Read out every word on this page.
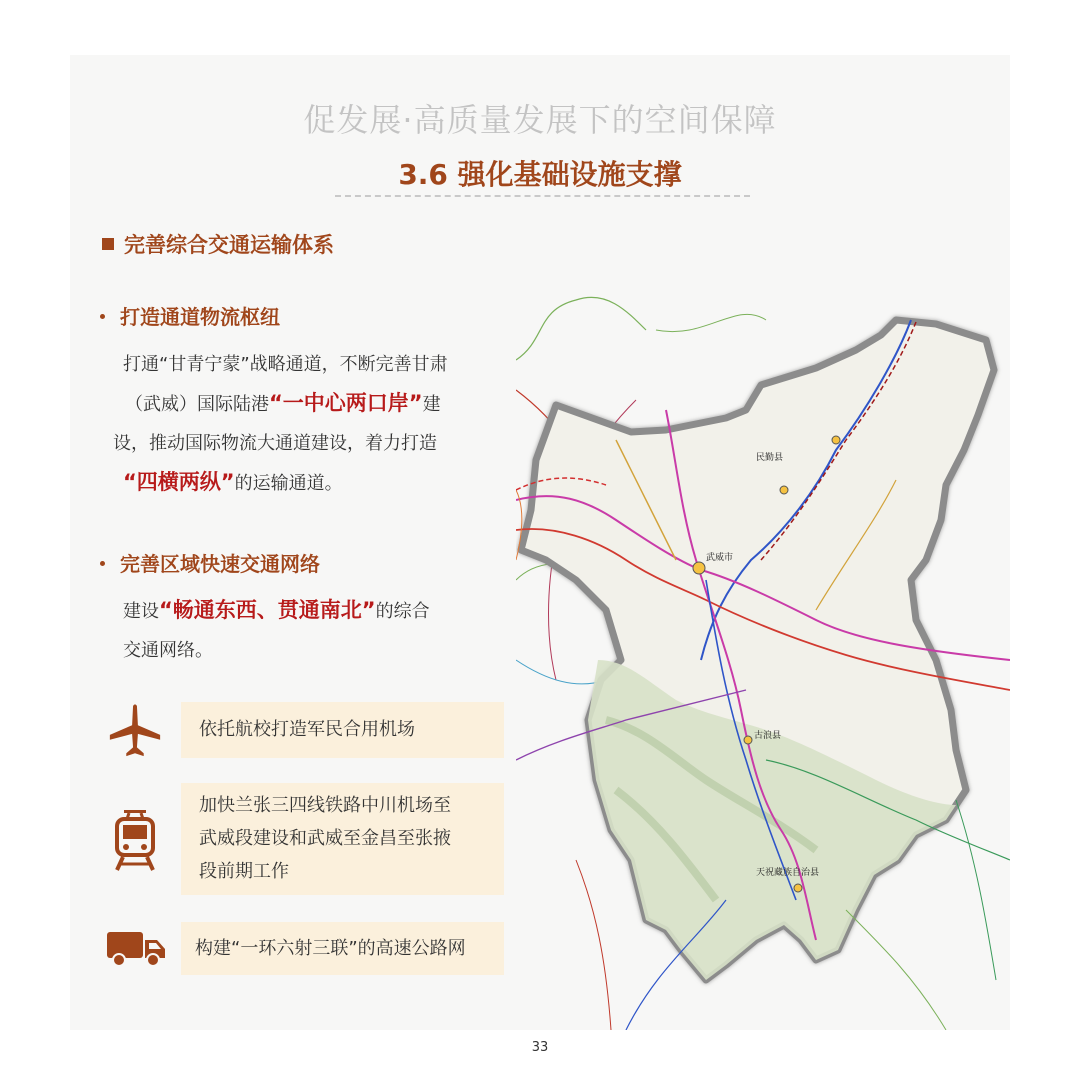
促发展·高质量发展下的空间保障
3.6 强化基础设施支撑
完善综合交通运输体系
打造通道物流枢纽
打通“甘青宁蒙”战略通道，不断完善甘肃
（武威）国际陆港“一中心两口岸”建
设，推动国际物流大通道建设，着力打造
“四横两纵”的运输通道。
完善区域快速交通网络
建设“畅通东西、贯通南北”的综合
交通网络。
依托航校打造军民合用机场
加快兰张三四线铁路中川机场至
武威段建设和武威至金昌至张掖
段前期工作
构建“一环六射三联”的高速公路网
武威市
民勤县
古浪县
天祝藏族自治县
33
